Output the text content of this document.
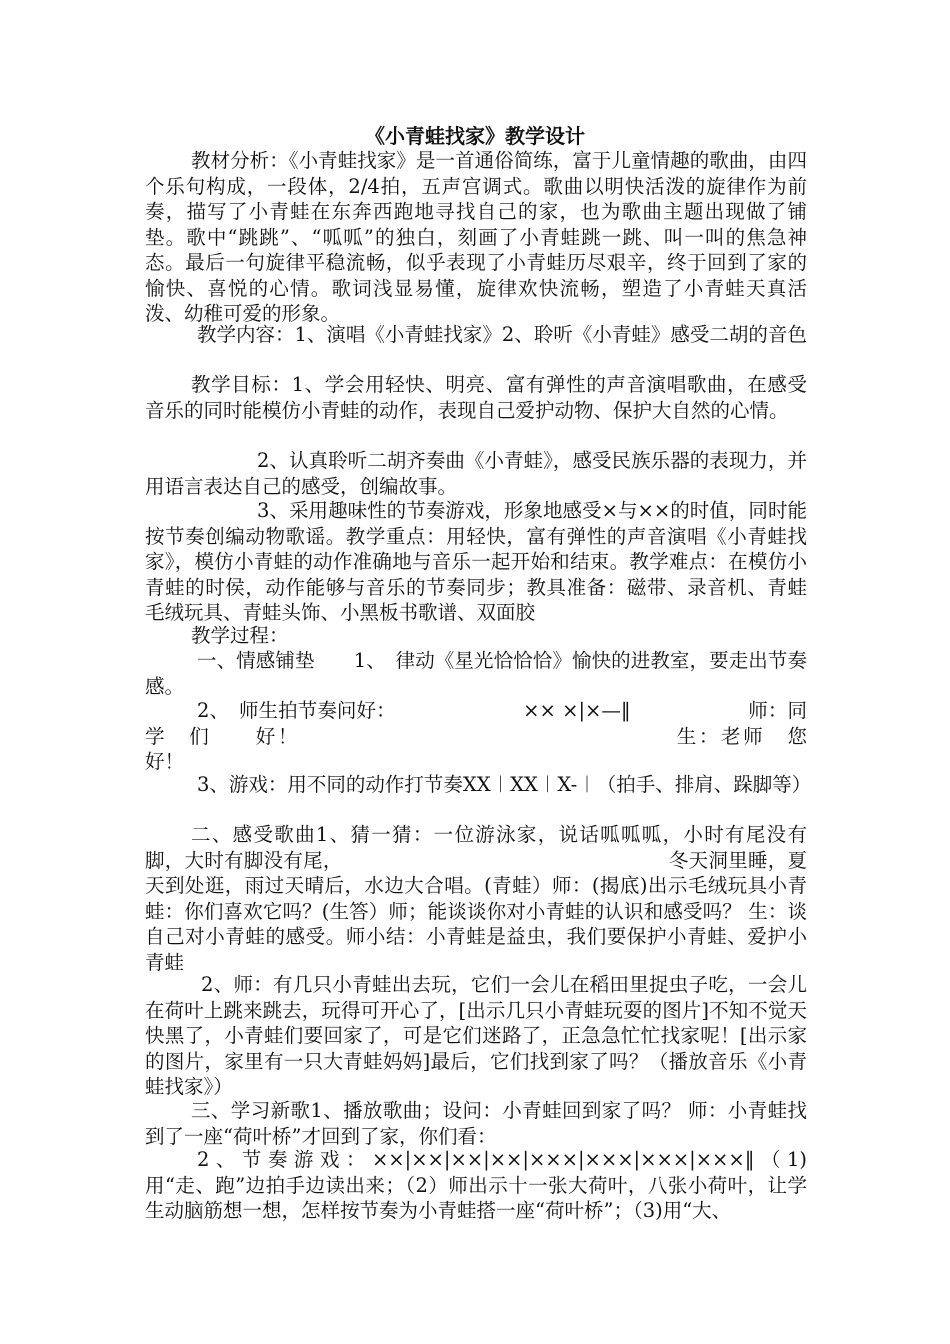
《小青蛙找家》教学设计

教材分析：《小青蛙找家》是一首通俗简练，富于儿童情趣的歌曲，由四个乐句构成，一段体，2/4拍，五声宫调式。歌曲以明快活泼的旋律作为前奏，描写了小青蛙在东奔西跑地寻找自己的家，也为歌曲主题出现做了铺垫。歌中“跳跳”、“呱呱”的独白，刻画了小青蛙跳一跳、叫一叫的焦急神态。最后一句旋律平稳流畅，似乎表现了小青蛙历尽艰辛，终于回到了家的愉快、喜悦的心情。歌词浅显易懂，旋律欢快流畅，塑造了小青蛙天真活泼、幼稚可爱的形象。

教学内容：1、演唱《小青蛙找家》2、聆听《小青蛙》感受二胡的音色

教学目标：1、学会用轻快、明亮、富有弹性的声音演唱歌曲，在感受音乐的同时能模仿小青蛙的动作，表现自己爱护动物、保护大自然的心情。

2、认真聆听二胡齐奏曲《小青蛙》，感受民族乐器的表现力，并用语言表达自己的感受，创编故事。

3、采用趣味性的节奏游戏，形象地感受×与××的时值，同时能按节奏创编动物歌谣。教学重点：用轻快，富有弹性的声音演唱《小青蛙找家》，模仿小青蛙的动作准确地与音乐一起开始和结束。教学难点：在模仿小青蛙的时侯，动作能够与音乐的节奏同步；教具准备：磁带、录音机、青蛙毛绒玩具、青蛙头饰、小黑板书歌谱、双面胶

教学过程：

一、情感铺垫　　1、　律动《星光恰恰恰》愉快的进教室，要走出节奏感。

2、　师生拍节奏问好：　　　　　　　×× ×|×—‖　　　　　　师：同学　们　　好！　　　　　　　　　　　　　　　　　生：老师　您　　好！

3、游戏：用不同的动作打节奏XX︱XX︱X-︱（拍手、排肩、跺脚等）

二、感受歌曲1、猜一猜：一位游泳家，说话呱呱呱，小时有尾没有脚，大时有脚没有尾，　　　　　　　　　　　　　　　　　冬天洞里睡，夏天到处逛，雨过天晴后，水边大合唱。(青蛙）师：(揭底)出示毛绒玩具小青蛙：你们喜欢它吗？(生答）师；能谈谈你对小青蛙的认识和感受吗？ 生：谈自己对小青蛙的感受。师小结：小青蛙是益虫，我们要保护小青蛙、爱护小青蛙

2、师：有几只小青蛙出去玩，它们一会儿在稻田里捉虫子吃，一会儿在荷叶上跳来跳去，玩得可开心了，[出示几只小青蛙玩耍的图片]不知不觉天快黑了，小青蛙们要回家了，可是它们迷路了，正急急忙忙找家呢！[出示家的图片，家里有一只大青蛙妈妈]最后，它们找到家了吗？（播放音乐《小青蛙找家》）

三、学习新歌1、播放歌曲；设问：小青蛙回到家了吗？ 师：小青蛙找到了一座“荷叶桥”才回到了家，你们看：

2、节奏游戏：××|××|××|××|×××|×××|×××|×××‖（1)用“走、跑”边拍手边读出来；（2）师出示十一张大荷叶，八张小荷叶，让学生动脑筋想一想，怎样按节奏为小青蛙搭一座“荷叶桥”；（3)用“大、
